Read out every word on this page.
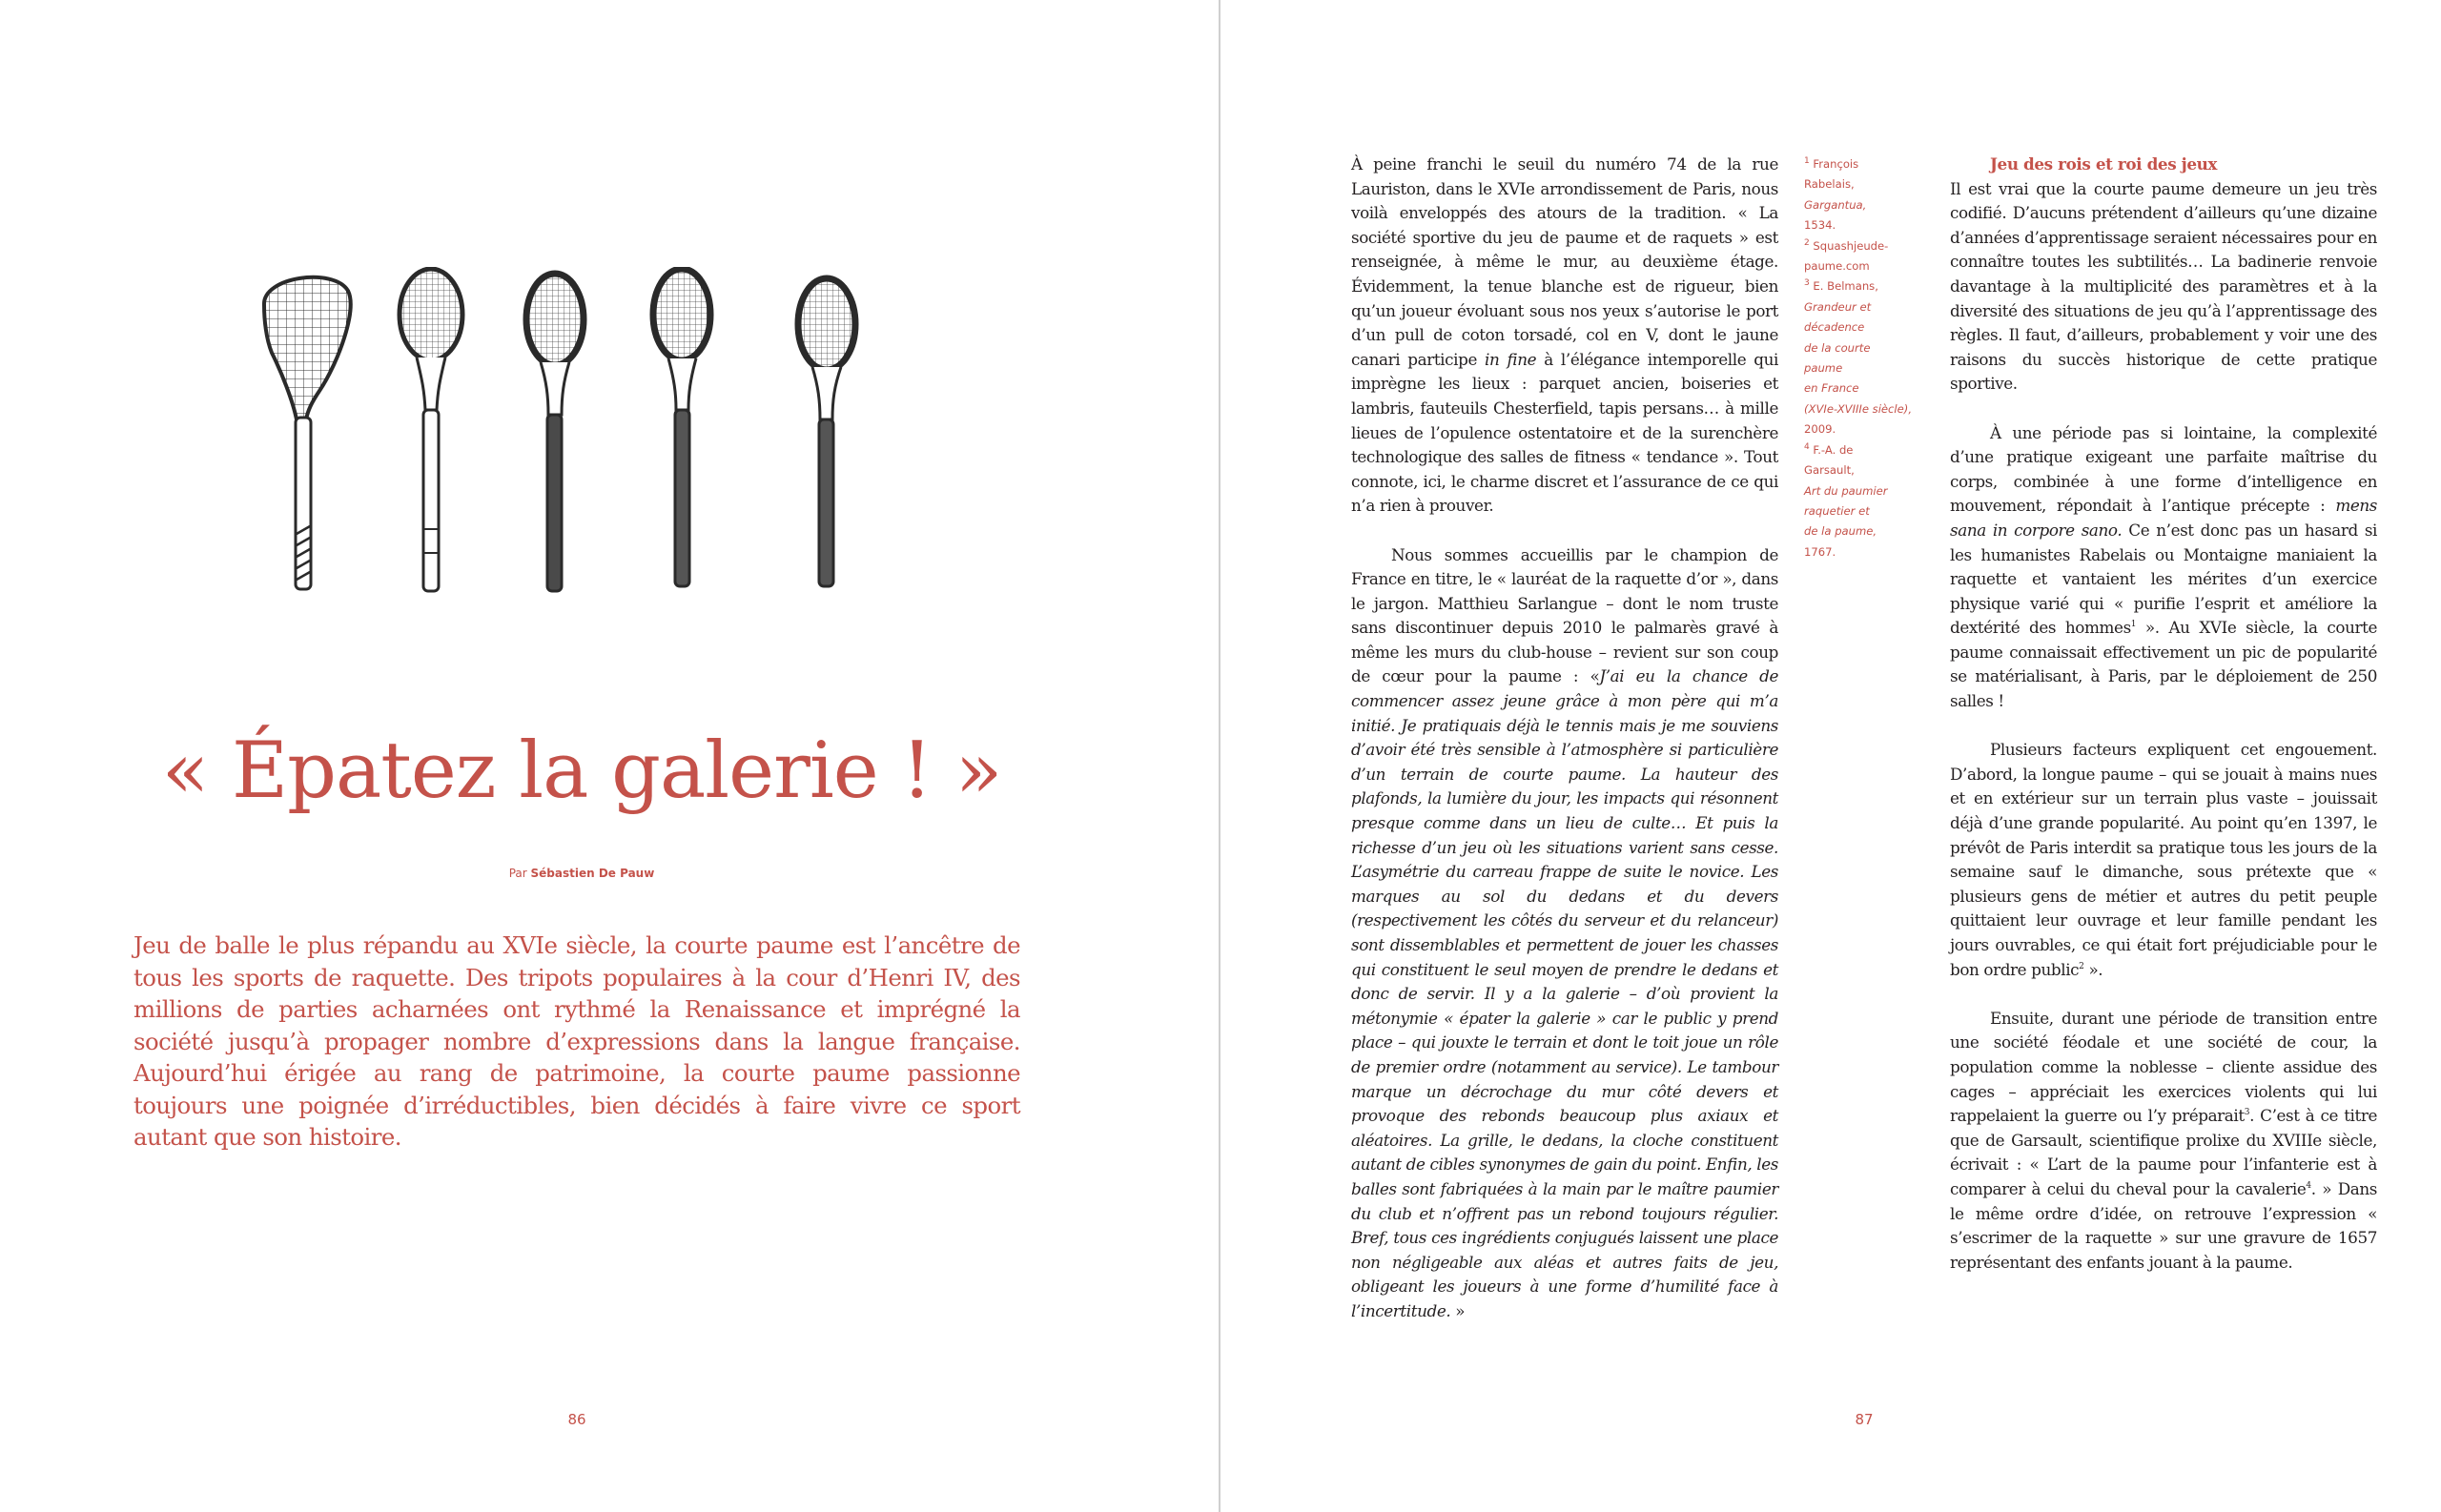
« Épatez la galerie ! »
Par Sébastien De Pauw

Jeu de balle le plus répandu au XVIe siècle, la courte paume est l’ancêtre de tous les sports de raquette. Des tripots populaires à la cour d’Henri IV, des millions de parties acharnées ont rythmé la Renaissance et imprégné la société jusqu’à propager nombre d’expressions dans la langue française. Aujourd’hui érigée au rang de patrimoine, la courte paume passionne toujours une poignée d’irréductibles, bien décidés à faire vivre ce sport autant que son histoire.

86	87

À peine franchi le seuil du numéro 74 de la rue Lauriston, dans le XVIe arrondissement de Paris, nous voilà enveloppés des atours de la tradition. « La société sportive du jeu de paume et de raquets » est renseignée, à même le mur, au deuxième étage. Évidemment, la tenue blanche est de rigueur, bien qu’un joueur évoluant sous nos yeux s’autorise le port d’un pull de coton torsadé, col en V, dont le jaune canari participe in fine à l’élégance intemporelle qui imprègne les lieux : parquet ancien, boiseries et lambris, fauteuils Chesterfield, tapis persans… à mille lieues de l’opulence ostentatoire et de la surenchère technologique des salles de fitness « tendance ». Tout connote, ici, le charme discret et l’assurance de ce qui n’a rien à prouver.

Nous sommes accueillis par le champion de France en titre, le « lauréat de la raquette d’or », dans le jargon. Matthieu Sarlangue – dont le nom truste sans discontinuer depuis 2010 le palmarès gravé à même les murs du club-house – revient sur son coup de cœur pour la paume : «J’ai eu la chance de commencer assez jeune grâce à mon père qui m’a initié. Je pratiquais déjà le tennis mais je me souviens d’avoir été très sensible à l’atmosphère si particulière d’un terrain de courte paume. La hauteur des plafonds, la lumière du jour, les impacts qui résonnent presque comme dans un lieu de culte… Et puis la richesse d’un jeu où les situations varient sans cesse. L’asymétrie du carreau frappe de suite le novice. Les marques au sol du dedans et du devers (respectivement les côtés du serveur et du relanceur) sont dissemblables et permettent de jouer les chasses qui constituent le seul moyen de prendre le dedans et donc de servir. Il y a la galerie – d’où provient la métonymie « épater la galerie » car le public y prend place – qui jouxte le terrain et dont le toit joue un rôle de premier ordre (notamment au service). Le tambour marque un décrochage du mur côté devers et provoque des rebonds beaucoup plus axiaux et aléatoires. La grille, le dedans, la cloche constituent autant de cibles synonymes de gain du point. Enfin, les balles sont fabriquées à la main par le maître paumier du club et n’offrent pas un rebond toujours régulier. Bref, tous ces ingrédients conjugués laissent une place non négligeable aux aléas et autres faits de jeu, obligeant les joueurs à une forme d’humilité face à l’incertitude. »

$^1$ François
Rabelais,
Gargantua,
1534.
$^2$ Squashjeude-
paume.com
$^3$ E. Belmans,
Grandeur et
décadence
de la courte
paume
en France
(XVIe-XVIIIe siècle),
2009.
$^4$ F.-A. de
Garsault,
Art du paumier
raquetier et
de la paume,
1767.
Jeu des rois et roi des jeux

Il est vrai que la courte paume demeure un jeu très codifié. D’aucuns prétendent d’ailleurs qu’une dizaine d’années d’apprentissage seraient nécessaires pour en connaître toutes les subtilités… La badinerie renvoie davantage à la multiplicité des paramètres et à la diversité des situations de jeu qu’à l’apprentissage des règles. Il faut, d’ailleurs, probablement y voir une des raisons du succès historique de cette pratique sportive.

À une période pas si lointaine, la complexité d’une pratique exigeant une parfaite maîtrise du corps, combinée à une forme d’intelligence en mouvement, répondait à l’antique précepte : mens sana in corpore sano. Ce n’est donc pas un hasard si les humanistes Rabelais ou Montaigne maniaient la raquette et vantaient les mérites d’un exercice physique varié qui « purifie l’esprit et améliore la dextérité des hommes$^1$ ». Au XVIe siècle, la courte paume connaissait effectivement un pic de popularité se matérialisant, à Paris, par le déploiement de 250 salles !

Plusieurs facteurs expliquent cet engouement. D’abord, la longue paume – qui se jouait à mains nues et en extérieur sur un terrain plus vaste – jouissait déjà d’une grande popularité. Au point qu’en 1397, le prévôt de Paris interdit sa pratique tous les jours de la semaine sauf le dimanche, sous prétexte que « plusieurs gens de métier et autres du petit peuple quittaient leur ouvrage et leur famille pendant les jours ouvrables, ce qui était fort préjudiciable pour le bon ordre public$^2$ ».

Ensuite, durant une période de transition entre une société féodale et une société de cour, la population comme la noblesse – cliente assidue des cages – appréciait les exercices violents qui lui rappelaient la guerre ou l’y préparait$^3$. C’est à ce titre que de Garsault, scientifique prolixe du XVIIIe siècle, écrivait : « L’art de la paume pour l’infanterie est à comparer à celui du cheval pour la cavalerie$^4$. » Dans le même ordre d’idée, on retrouve l’expression « s’escrimer de la raquette » sur une gravure de 1657 représentant des enfants jouant à la paume.
